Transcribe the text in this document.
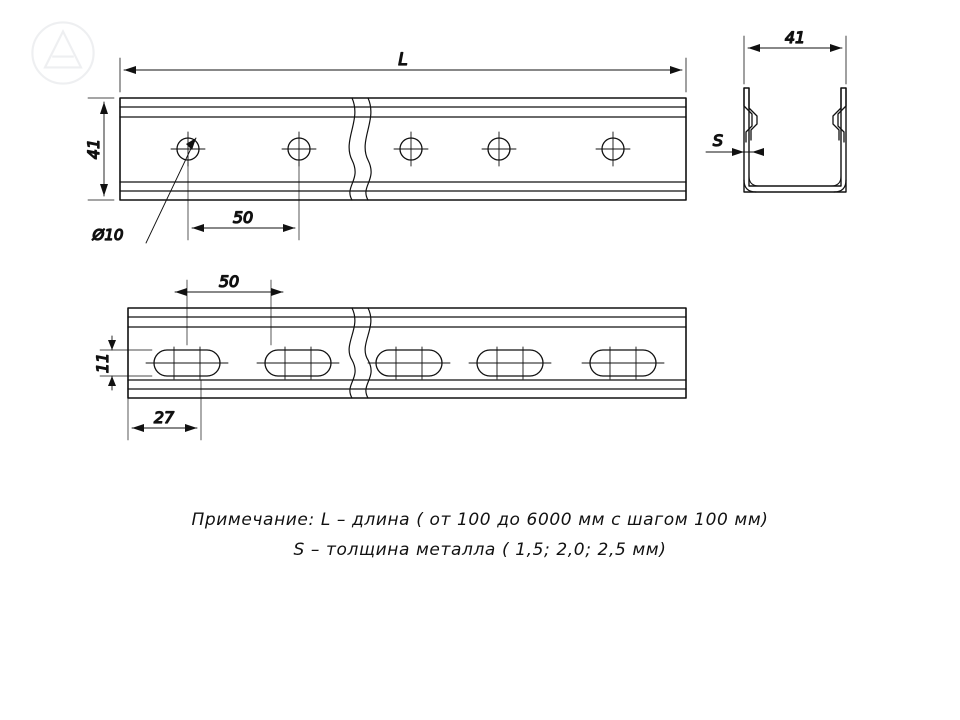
L
41
50
Ø10
41
S
11
50
27
Примечание: L – длина ( от 100 до 6000 мм с шагом 100 мм)
S – толщина металла ( 1,5; 2,0; 2,5 мм)
